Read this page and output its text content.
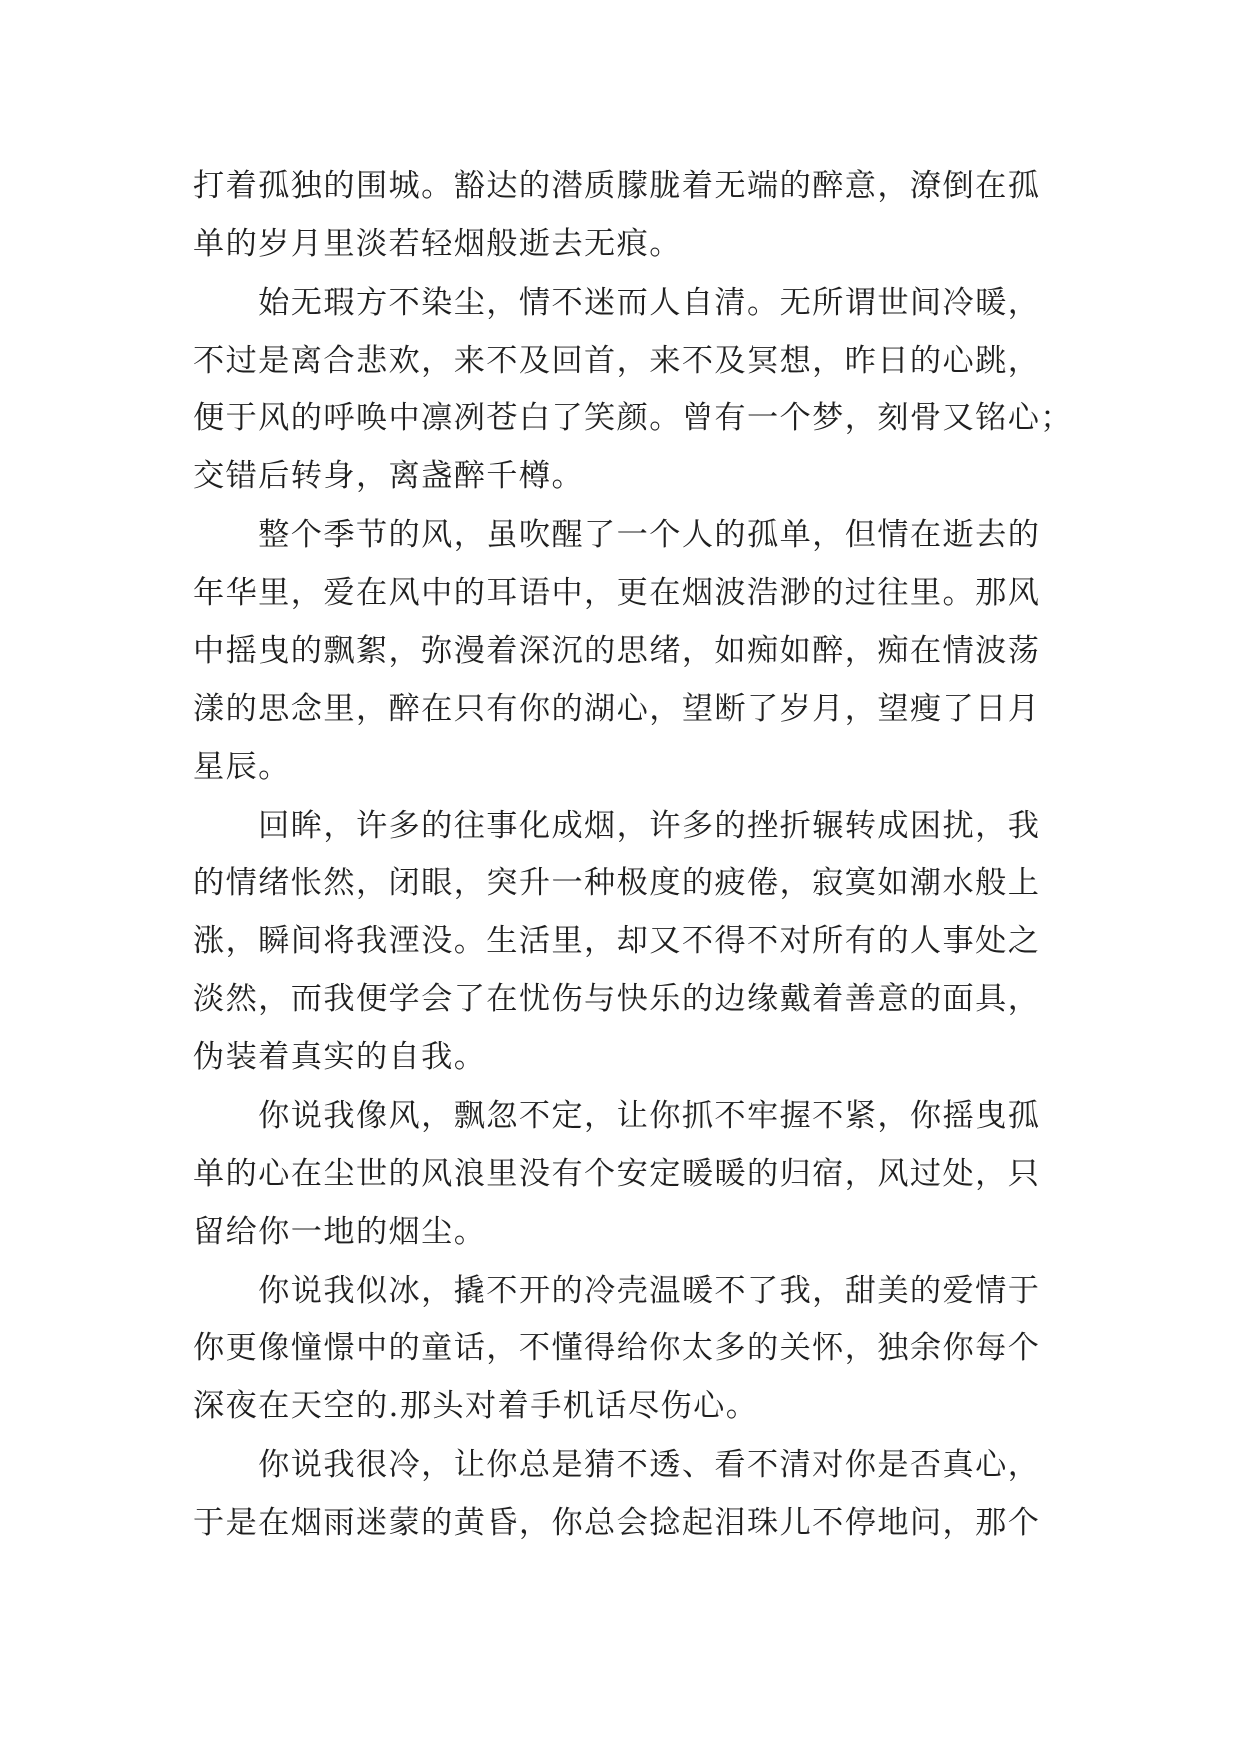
打着孤独的围城。豁达的潜质朦胧着无端的醉意，潦倒在孤
单的岁月里淡若轻烟般逝去无痕。
　　始无瑕方不染尘，情不迷而人自清。无所谓世间冷暖，
不过是离合悲欢，来不及回首，来不及冥想，昨日的心跳，
便于风的呼唤中凛冽苍白了笑颜。曾有一个梦，刻骨又铭心；
交错后转身，离盏醉千樽。
　　整个季节的风，虽吹醒了一个人的孤单，但情在逝去的
年华里，爱在风中的耳语中，更在烟波浩渺的过往里。那风
中摇曳的飘絮，弥漫着深沉的思绪，如痴如醉，痴在情波荡
漾的思念里，醉在只有你的湖心，望断了岁月，望瘦了日月
星辰。
　　回眸，许多的往事化成烟，许多的挫折辗转成困扰，我
的情绪怅然，闭眼，突升一种极度的疲倦，寂寞如潮水般上
涨，瞬间将我湮没。生活里，却又不得不对所有的人事处之
淡然，而我便学会了在忧伤与快乐的边缘戴着善意的面具，
伪装着真实的自我。
　　你说我像风，飘忽不定，让你抓不牢握不紧，你摇曳孤
单的心在尘世的风浪里没有个安定暖暖的归宿，风过处，只
留给你一地的烟尘。
　　你说我似冰，撬不开的冷壳温暖不了我，甜美的爱情于
你更像憧憬中的童话，不懂得给你太多的关怀，独余你每个
深夜在天空的.那头对着手机话尽伤心。
　　你说我很冷，让你总是猜不透、看不清对你是否真心，
于是在烟雨迷蒙的黄昏，你总会捻起泪珠儿不停地问，那个
